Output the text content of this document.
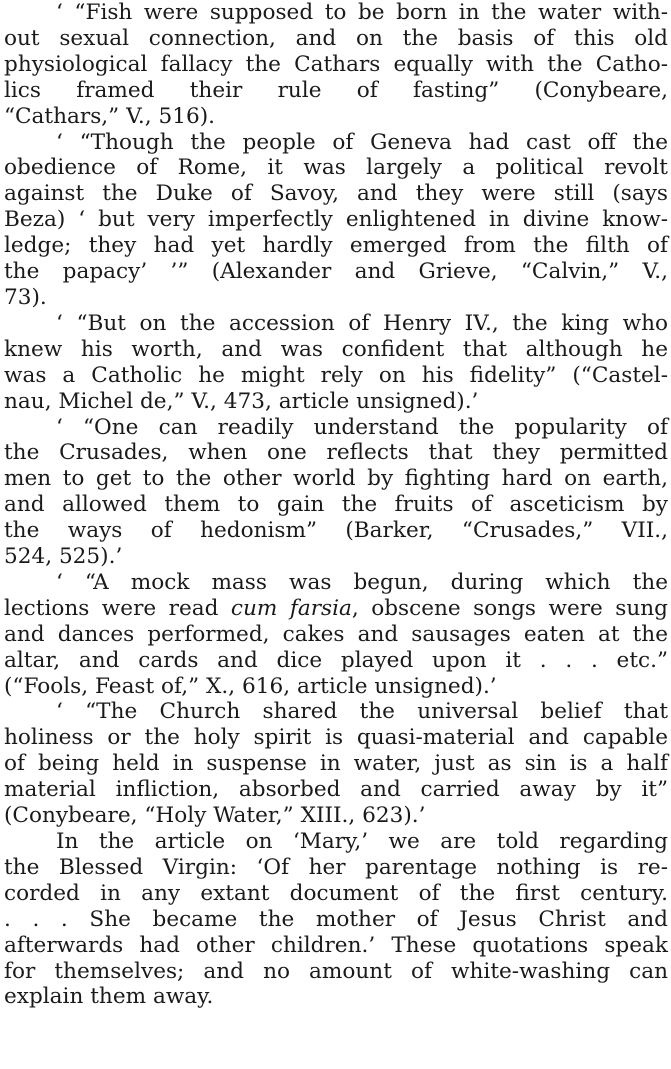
‘ “Fish were supposed to be born in the water with-
out sexual connection, and on the basis of this old
physiological fallacy the Cathars equally with the Catho-
lics framed their rule of fasting” (Conybeare,
“Cathars,” V., 516).

‘ “Though the people of Geneva had cast off the
obedience of Rome, it was largely a political revolt
against the Duke of Savoy, and they were still (says
Beza) ‘ but very imperfectly enlightened in divine know-
ledge; they had yet hardly emerged from the filth of
the papacy’ ’” (Alexander and Grieve, “Calvin,” V.,
73).

‘ “But on the accession of Henry IV., the king who
knew his worth, and was confident that although he
was a Catholic he might rely on his fidelity” (“Castel-
nau, Michel de,” V., 473, article unsigned).’

‘ “One can readily understand the popularity of
the Crusades, when one reflects that they permitted
men to get to the other world by fighting hard on earth,
and allowed them to gain the fruits of asceticism by
the ways of hedonism” (Barker, “Crusades,” VII.,
524, 525).’

‘ “A mock mass was begun, during which the
lections were read cum farsia, obscene songs were sung
and dances performed, cakes and sausages eaten at the
altar, and cards and dice played upon it . . . etc.”
(“Fools, Feast of,” X., 616, article unsigned).’

‘ “The Church shared the universal belief that
holiness or the holy spirit is quasi-material and capable
of being held in suspense in water, just as sin is a half
material infliction, absorbed and carried away by it”
(Conybeare, “Holy Water,” XIII., 623).’

In the article on ‘Mary,’ we are told regarding
the Blessed Virgin: ‘Of her parentage nothing is re-
corded in any extant document of the first century.
. . . She became the mother of Jesus Christ and
afterwards had other children.’ These quotations speak
for themselves; and no amount of white-washing can
explain them away.
